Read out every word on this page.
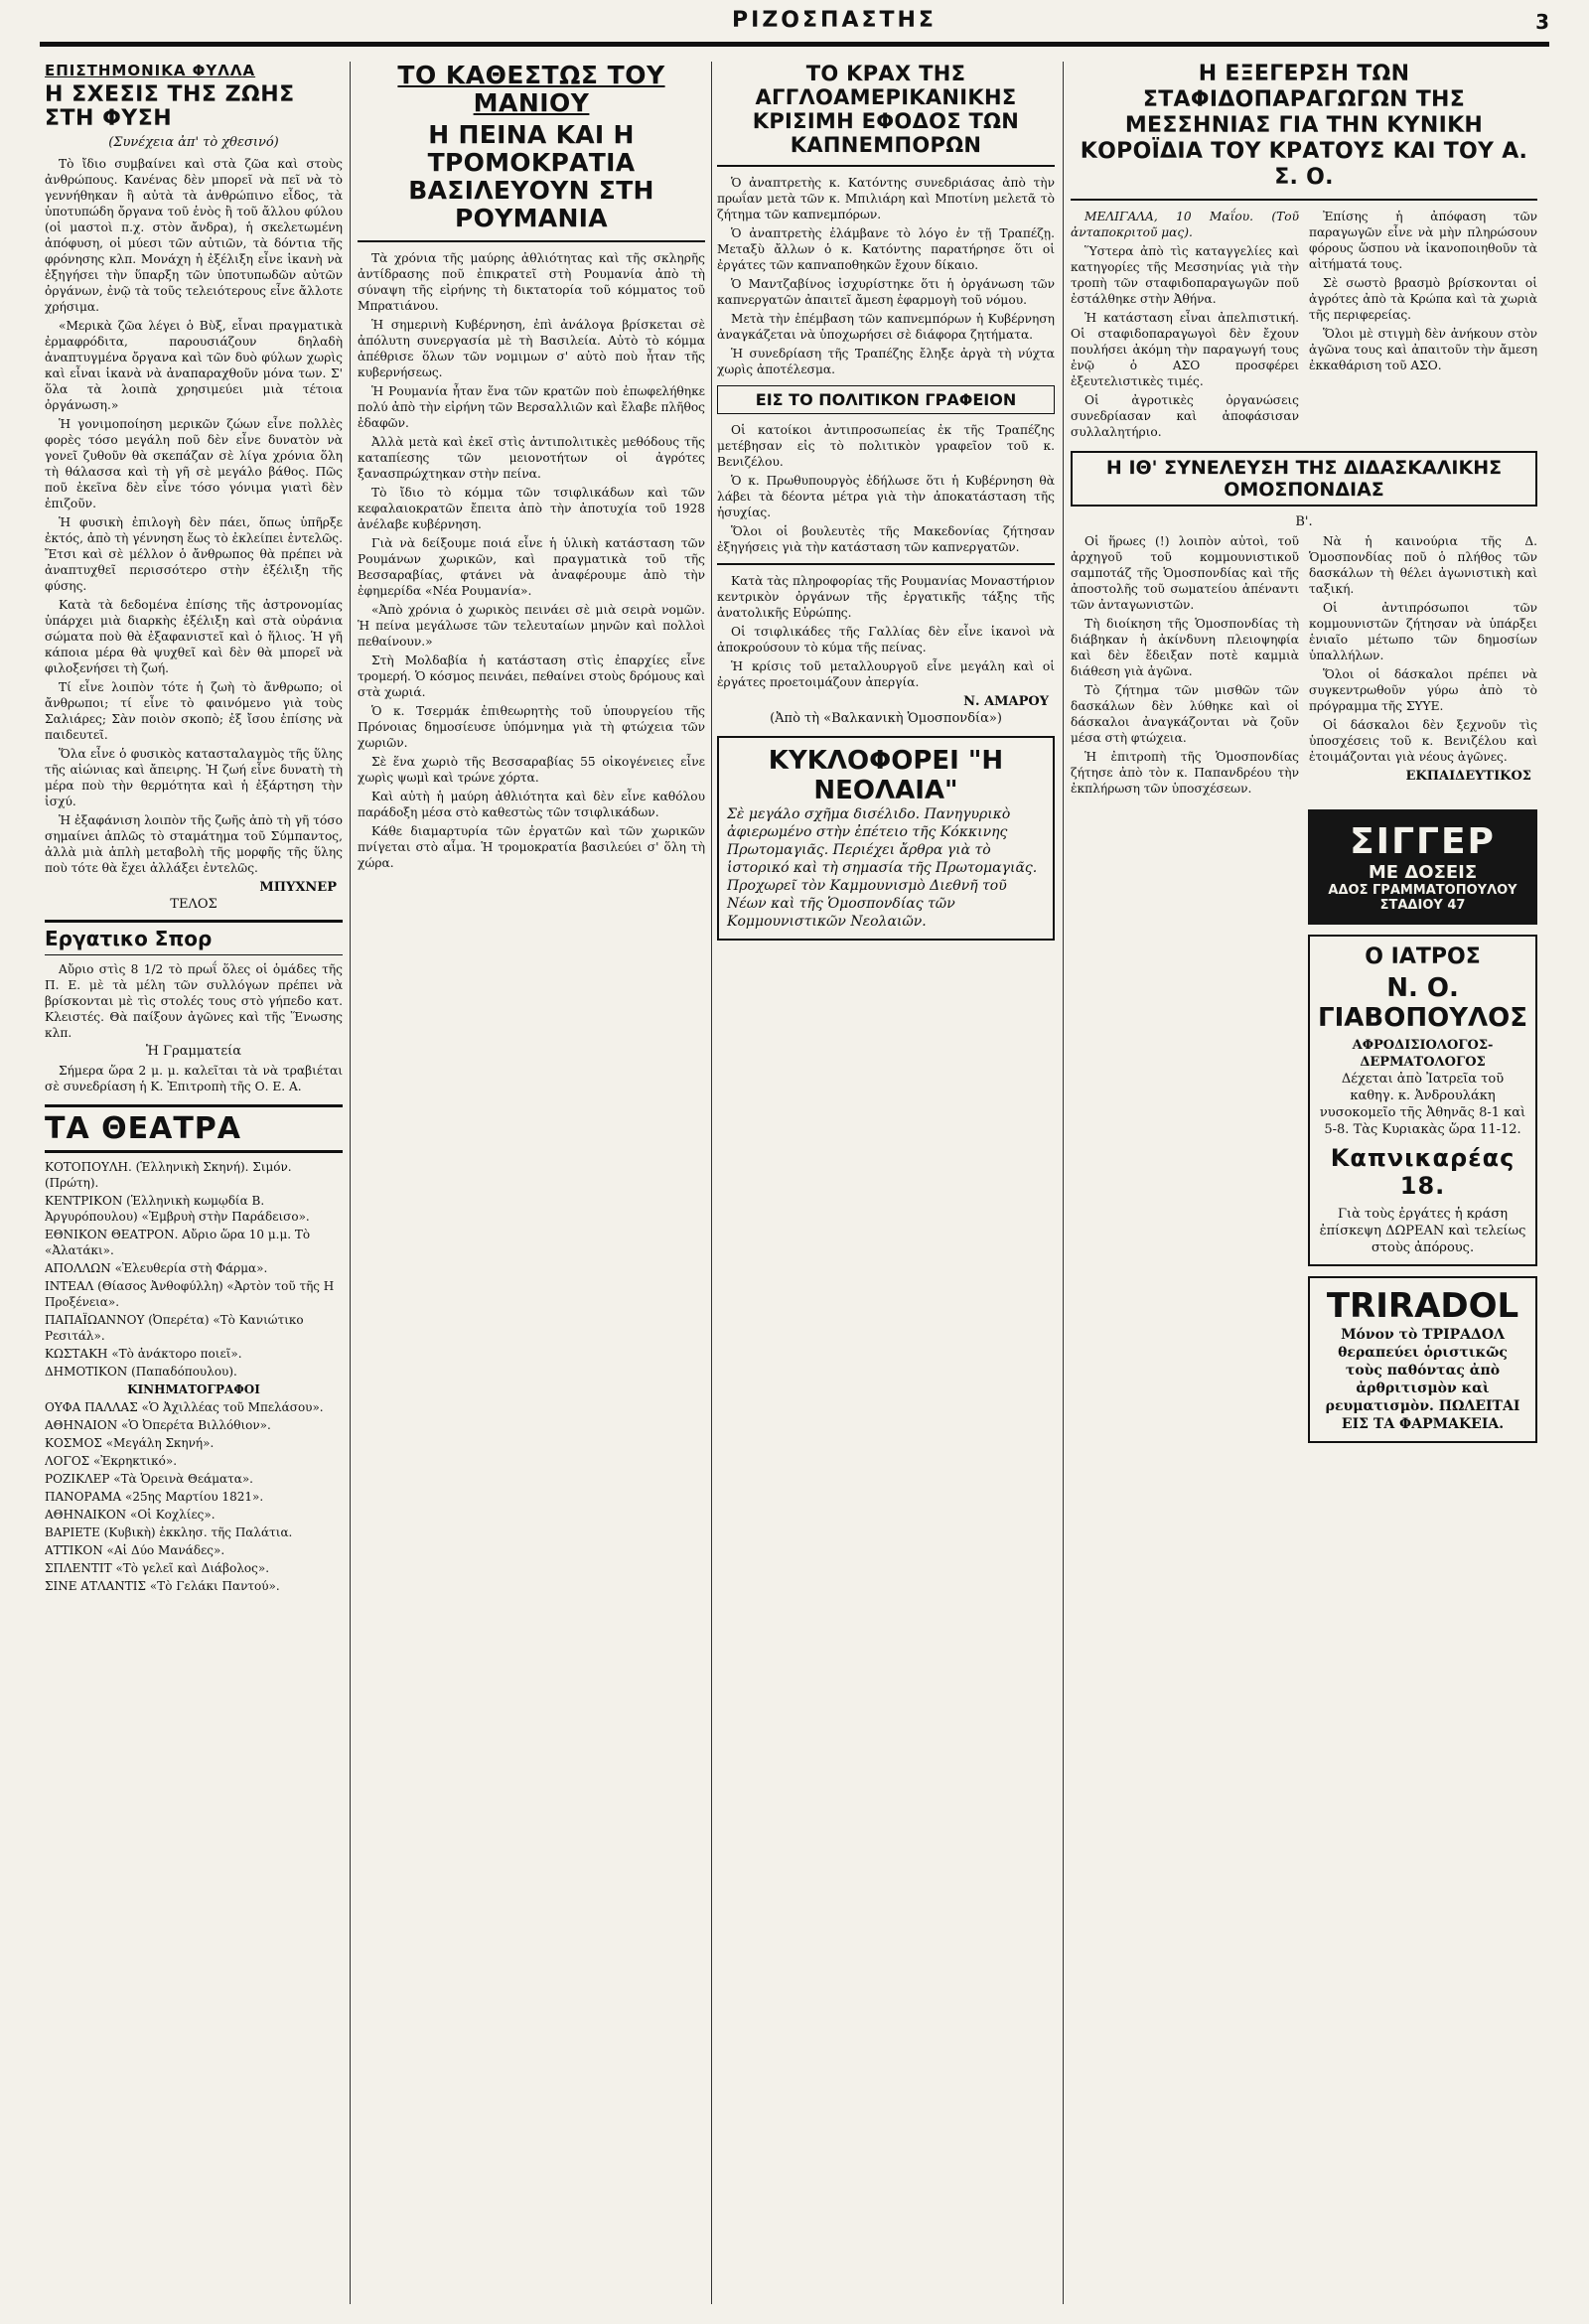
ΡΙΖΟΣΠΑΣΤΗΣ	3
ΕΠΙΣΤΗΜΟΝΙΚΑ ΦΥΛΛΑ
Η ΣΧΕΣΙΣ ΤΗΣ ΖΩΗΣ ΣΤΗ ΦΥΣΗ
(Συνέχεια ἀπ' τὸ χθεσινό)

Τὸ ἴδιο συμβαίνει καὶ στὰ ζῶα καὶ στοὺς ἀνθρώπους. Κανένας δὲν μπορεῖ νὰ πεῖ νὰ τὸ γεννήθηκαν ἢ αὐτὰ τὰ ἀνθρώπινο εἶδος, τὰ ὑποτυπώδη ὄργανα τοῦ ἑνὸς ἢ τοῦ ἄλλου φύλου (οἱ μαστοὶ π.χ. στὸν ἄνδρα), ἡ σκελετωμένη ἀπόφυση, οἱ μύεσι τῶν αὐτιῶν, τὰ δόντια τῆς φρόνησης κλπ. Μονάχη ἡ ἐξέλιξη εἶνε ἱκανὴ νὰ ἐξηγήσει τὴν ὕπαρξη τῶν ὑποτυπωδῶν αὐτῶν ὀργάνων, ἐνῷ τὰ τοῦς τελειότερους εἶνε ἄλλοτε χρήσιμα.

«Μερικὰ ζῶα λέγει ὁ Βὺξ, εἶναι πραγματικὰ ἐρμαφρόδιτα, παρουσιάζουν δηλαδὴ ἀναπτυγμένα ὄργανα καὶ τῶν δυὸ φύλων χωρὶς καὶ εἶναι ἱκανὰ νὰ ἀναπαραχθοῦν μόνα των. Σ' ὅλα τὰ λοιπὰ χρησιμεύει μιὰ τέτοια ὀργάνωση.»

Ἡ γονιμοποίηση μερικῶν ζώων εἶνε πολλὲς φορὲς τόσο μεγάλη ποῦ δὲν εἶνε δυνατὸν νὰ γονεῖ ζυθοῦν θὰ σκεπάζαν σὲ λίγα χρόνια ὅλη τὴ θάλασσα καὶ τὴ γῆ σὲ μεγάλο βάθος. Πῶς ποῦ ἐκεῖνα δὲν εἶνε τόσο γόνιμα γιατὶ δὲν ἐπιζοῦν.

Ἡ φυσικὴ ἐπιλογὴ δὲν πάει, ὅπως ὑπῆρξε ἐκτός, ἀπὸ τὴ γέννηση ἕως τὸ ἐκλείπει ἐντελῶς. Ἔτσι καὶ σὲ μέλλον ὁ ἄνθρωπος θὰ πρέπει νὰ ἀναπτυχθεῖ περισσότερο στὴν ἐξέλιξη τῆς φύσης.

Κατὰ τὰ δεδομένα ἐπίσης τῆς ἀστρονομίας ὑπάρχει μιὰ διαρκὴς ἐξέλιξη καὶ στὰ οὐράνια σώματα ποὺ θὰ ἐξαφανιστεῖ καὶ ὁ ἥλιος. Ἡ γῆ κάποια μέρα θὰ ψυχθεῖ καὶ δὲν θὰ μπορεῖ νὰ φιλοξενήσει τὴ ζωή.

Τί εἶνε λοιπὸν τότε ἡ ζωὴ τὸ ἄνθρωπο; οἱ ἄνθρωποι; τί εἶνε τὸ φαινόμενο γιὰ τοὺς Σαλιάρες; Σὰν ποιὸν σκοπὸ; ἐξ ἴσου ἐπίσης νὰ παιδευτεῖ.

Ὅλα εἶνε ὁ φυσικὸς κατασταλαγμὸς τῆς ὕλης τῆς αἰώνιας καὶ ἄπειρης. Ἡ ζωή εἶνε δυνατὴ τὴ μέρα ποὺ τὴν θερμότητα καὶ ἡ ἐξάρτηση τὴν ἰσχύ.

Ἡ ἐξαφάνιση λοιπὸν τῆς ζωῆς ἀπὸ τὴ γῆ τόσο σημαίνει ἁπλῶς τὸ σταμάτημα τοῦ Σύμπαντος, ἀλλὰ μιὰ ἁπλὴ μεταβολὴ τῆς μορφῆς τῆς ὕλης ποὺ τότε θὰ ἔχει ἀλλάξει ἐντελῶς.

ΜΠΥΧΝΕΡ
ΤΕΛΟΣ
Εργατικο Σπορ

Αὔριο στὶς 8 1/2 τὸ πρωΐ ὅλες οἱ ὁμάδες τῆς Π. Ε. μὲ τὰ μέλη τῶν συλλόγων πρέπει νὰ βρίσκονται μὲ τὶς στολές τους στὸ γήπεδο κατ. Κλειστές. Θὰ παίξουν ἀγῶνες καὶ τῆς Ἕνωσης κλπ.

Ἡ Γραμματεία

Σήμερα ὥρα 2 μ. μ. καλεῖται τὰ νὰ τραβιέται σὲ συνεδρίαση ἡ Κ. Ἐπιτροπὴ τῆς Ο. Ε. Α.

ΤΑ ΘΕΑΤΡΑ
ΚΟΤΟΠΟΥΛΗ. (Ἑλληνικὴ Σκηνή). Σιμόν. (Πρώτη).
ΚΕΝΤΡΙΚΟΝ (Ἑλληνικὴ κωμῳδία Β. Ἀργυρόπουλου) «Ἐμβρυὴ στὴν Παράδεισο».
ΕΘΝΙΚΟΝ ΘΕΑΤΡΟΝ. Αὔριο ὥρα 10 μ.μ. Τὸ «Ἀλατάκι».
ΑΠΟΛΛΩΝ «Ἐλευθερία στὴ Φάρμα».
ΙΝΤΕΑΛ (Θίασος Ἀνθοφύλλη) «Ἀρτὸν τοῦ τῆς Η Προξένεια».
ΠΑΠΑΪΩΑΝΝΟΥ (Ὀπερέτα) «Τὸ Κανιώτικο Ρεσιτάλ».
ΚΩΣΤΑΚΗ «Τὸ ἀνάκτορο ποιεῖ».
ΔΗΜΟΤΙΚΟΝ (Παπαδόπουλου).
ΚΙΝΗΜΑΤΟΓΡΑΦΟΙ
ΟΥΦΑ ΠΑΛΛΑΣ «Ὁ Ἀχιλλέας τοῦ Μπελάσου».
ΑΘΗΝΑΙΟΝ «Ὁ Ὀπερέτα Βιλλόθιον».
ΚΟΣΜΟΣ «Μεγάλη Σκηνή».
ΛΟΓΟΣ «Ἐκρηκτικό».
ΡΟΖΙΚΛΕΡ «Τὰ Ὁρεινὰ Θεάματα».
ΠΑΝΟΡΑΜΑ «25ης Μαρτίου 1821».
ΑΘΗΝΑΙΚΟΝ «Οἱ Κοχλίες».
ΒΑΡΙΕΤΕ (Κυβικὴ) ἐκκλησ. τῆς Παλάτια.
ΑΤΤΙΚΟΝ «Αἱ Δύο Μανάδες».
ΣΠΛΕΝΤΙΤ «Τὸ γελεῖ καὶ Διάβολος».
ΣΙΝΕ ΑΤΛΑΝΤΙΣ «Τὸ Γελάκι Παντού».
ΤΟ ΚΑΘΕΣΤΩΣ ΤΟΥ ΜΑΝΙΟΥ
Η ΠΕΙΝΑ ΚΑΙ Η ΤΡΟΜΟΚΡΑΤΙΑ ΒΑΣΙΛΕΥΟΥΝ ΣΤΗ ΡΟΥΜΑΝΙΑ

Τὰ χρόνια τῆς μαύρης ἀθλιότητας καὶ τῆς σκληρῆς ἀντίδρασης ποῦ ἐπικρατεῖ στὴ Ρουμανία ἀπὸ τὴ σύναψη τῆς εἰρήνης τὴ δικτατορία τοῦ κόμματος τοῦ Μπρατιάνου.

Ἡ σημερινὴ Κυβέρνηση, ἐπὶ ἀνάλογα βρίσκεται σὲ ἀπόλυτη συνεργασία μὲ τὴ Βασιλεία. Αὐτὸ τὸ κόμμα ἀπέθρισε ὅλων τῶν νομιμων σ' αὐτὸ ποὺ ἦταν τῆς κυβερνήσεως.

Ἡ Ρουμανία ἦταν ἕνα τῶν κρατῶν ποὺ ἐπωφελήθηκε πολύ ἀπὸ τὴν εἰρήνη τῶν Βερσαλλιῶν καὶ ἔλαβε πλῆθος ἐδαφῶν.

Ἀλλὰ μετὰ καὶ ἐκεῖ στὶς ἀντιπολιτικὲς μεθόδους τῆς καταπίεσης τῶν μειονοτήτων οἱ ἀγρότες ξανασπρώχτηκαν στὴν πείνα.

Τὸ ἴδιο τὸ κόμμα τῶν τσιφλικάδων καὶ τῶν κεφαλαιοκρατῶν ἔπειτα ἀπὸ τὴν ἀποτυχία τοῦ 1928 ἀνέλαβε κυβέρνηση.

Γιὰ νὰ δείξουμε ποιά εἶνε ἡ ὑλικὴ κατάσταση τῶν Ρουμάνων χωρικῶν, καὶ πραγματικὰ τοῦ τῆς Βεσσαραβίας, φτάνει νὰ ἀναφέρουμε ἀπὸ τὴν ἐφημερίδα «Νέα Ρουμανία».

«Ἀπὸ χρόνια ὁ χωρικὸς πεινάει σὲ μιὰ σειρὰ νομῶν. Ἡ πείνα μεγάλωσε τῶν τελευταίων μηνῶν καὶ πολλοὶ πεθαίνουν.»

Στὴ Μολδαβία ἡ κατάσταση στὶς ἐπαρχίες εἶνε τρομερή. Ὁ κόσμος πεινάει, πεθαίνει στοὺς δρόμους καὶ στὰ χωριά.

Ὁ κ. Τσερμάκ ἐπιθεωρητὴς τοῦ ὑπουργείου τῆς Πρόνοιας δημοσίευσε ὑπόμνημα γιὰ τὴ φτώχεια τῶν χωριῶν.

Σὲ ἕνα χωριὸ τῆς Βεσσαραβίας 55 οἰκογένειες εἶνε χωρὶς ψωμὶ καὶ τρώνε χόρτα.

Καὶ αὐτὴ ἡ μαύρη ἀθλιότητα καὶ δὲν εἶνε καθόλου παράδοξη μέσα στὸ καθεστὼς τῶν τσιφλικάδων.

Κάθε διαμαρτυρία τῶν ἐργατῶν καὶ τῶν χωρικῶν πνίγεται στὸ αἷμα. Ἡ τρομοκρατία βασιλεύει σ' ὅλη τὴ χώρα.

ΤΟ ΚΡΑΧ ΤΗΣ ΑΓΓΛΟΑΜΕΡΙΚΑΝΙΚΗΣ ΚΡΙΣΙΜΗ ΕΦΟΔΟΣ ΤΩΝ ΚΑΠΝΕΜΠΟΡΩΝ

Ὁ ἀναπτρετὴς κ. Κατόντης συνεδριάσας ἀπὸ τὴν πρωΐαν μετὰ τῶν κ. Μπιλιάρη καὶ Μποτίνη μελετᾶ τὸ ζήτημα τῶν καπνεμπόρων.

Ὁ ἀναπτρετὴς ἐλάμβανε τὸ λόγο ἐν τῇ Τραπέζῃ. Μεταξὺ ἄλλων ὁ κ. Κατόντης παρατήρησε ὅτι οἱ ἐργάτες τῶν καπναποθηκῶν ἔχουν δίκαιο.

Ὁ Μαντζαβίνος ἰσχυρίστηκε ὅτι ἡ ὀργάνωση τῶν καπνεργατῶν ἀπαιτεῖ ἄμεση ἐφαρμογὴ τοῦ νόμου.

Μετὰ τὴν ἐπέμβαση τῶν καπνεμπόρων ἡ Κυβέρνηση ἀναγκάζεται νὰ ὑποχωρήσει σὲ διάφορα ζητήματα.

Ἡ συνεδρίαση τῆς Τραπέζης ἔληξε ἀργὰ τὴ νύχτα χωρὶς ἀποτέλεσμα.

ΕΙΣ ΤΟ ΠΟΛΙΤΙΚΟΝ ΓΡΑΦΕΙΟΝ

Οἱ κατοίκοι ἀντιπροσωπείας ἐκ τῆς Τραπέζης μετέβησαν εἰς τὸ πολιτικὸν γραφεῖον τοῦ κ. Βενιζέλου.

Ὁ κ. Πρωθυπουργὸς ἐδήλωσε ὅτι ἡ Κυβέρνηση θὰ λάβει τὰ δέοντα μέτρα γιὰ τὴν ἀποκατάσταση τῆς ἡσυχίας.

Ὅλοι οἱ βουλευτὲς τῆς Μακεδονίας ζήτησαν ἐξηγήσεις γιὰ τὴν κατάσταση τῶν καπνεργατῶν.

Κατὰ τὰς πληροφορίας τῆς Ρουμανίας Μοναστήριον κεντρικὸν ὀργάνων τῆς ἐργατικῆς τάξης τῆς ἀνατολικῆς Εὐρώπης.

Οἱ τσιφλικάδες τῆς Γαλλίας δὲν εἶνε ἱκανοὶ νὰ ἀποκρούσουν τὸ κύμα τῆς πείνας.

Ἡ κρίσις τοῦ μεταλλουργοῦ εἶνε μεγάλη καὶ οἱ ἐργάτες προετοιμάζουν ἀπεργία.

Ν. ΑΜΑΡΟΥ
(Ἀπὸ τὴ «Βαλκανικὴ Ὁμοσπονδία»)
ΚΥΚΛΟΦΟΡΕΙ "Η ΝΕΟΛΑΙΑ"
Σὲ μεγάλο σχῆμα δισέλιδο. Πανηγυρικὸ ἀφιερωμένο στὴν ἐπέτειο τῆς Κόκκινης Πρωτομαγιᾶς. Περιέχει ἄρθρα γιὰ τὸ ἱστορικό καὶ τὴ σημασία τῆς Πρωτομαγιᾶς. Προχωρεῖ τὸν Καμμουνισμὸ Διεθνῆ τοῦ Νέων καὶ τῆς Ὁμοσπονδίας τῶν Κομμουνιστικῶν Νεολαιῶν.
Η ΕΞΕΓΕΡΣΗ ΤΩΝ ΣΤΑΦΙΔΟΠΑΡΑΓΩΓΩΝ ΤΗΣ ΜΕΣΣΗΝΙΑΣ ΓΙΑ ΤΗΝ ΚΥΝΙΚΗ ΚΟΡΟΪΔΙΑ ΤΟΥ ΚΡΑΤΟΥΣ ΚΑΙ ΤΟΥ Α. Σ. Ο.

ΜΕΛΙΓΑΛΑ, 10 Μαΐου. (Τοῦ ἀνταποκριτοῦ μας).

Ὕστερα ἀπὸ τὶς καταγγελίες καὶ κατηγορίες τῆς Μεσσηνίας γιὰ τὴν τροπὴ τῶν σταφιδοπαραγωγῶν ποῦ ἐστάλθηκε στὴν Ἀθήνα.

Ἡ κατάσταση εἶναι ἀπελπιστική. Οἱ σταφιδοπαραγωγοὶ δὲν ἔχουν πουλήσει ἀκόμη τὴν παραγωγή τους ἐνῷ ὁ ΑΣΟ προσφέρει ἐξευτελιστικὲς τιμές.

Οἱ ἀγροτικὲς ὀργανώσεις συνεδρίασαν καὶ ἀποφάσισαν συλλαλητήριο.

Ἐπίσης ἡ ἀπόφαση τῶν παραγωγῶν εἶνε νὰ μὴν πληρώσουν φόρους ὥσπου νὰ ἱκανοποιηθοῦν τὰ αἰτήματά τους.

Σὲ σωστὸ βρασμὸ βρίσκονται οἱ ἀγρότες ἀπὸ τὰ Κρώπα καὶ τὰ χωριὰ τῆς περιφερείας.

Ὅλοι μὲ στιγμὴ δὲν ἀνήκουν στὸν ἀγῶνα τους καὶ ἀπαιτοῦν τὴν ἄμεση ἐκκαθάριση τοῦ ΑΣΟ.

Η ΙΘ' ΣΥΝΕΛΕΥΣΗ ΤΗΣ ΔΙΔΑΣΚΑΛΙΚΗΣ ΟΜΟΣΠΟΝΔΙΑΣ
Β'.

Οἱ ἥρωες (!) λοιπὸν αὐτοὶ, τοῦ ἀρχηγοῦ τοῦ κομμουνιστικοῦ σαμποτάζ τῆς Ὁμοσπονδίας καὶ τῆς ἀποστολῆς τοῦ σωματείου ἀπέναντι τῶν ἀνταγωνιστῶν.

Τὴ διοίκηση τῆς Ὁμοσπονδίας τὴ διάβηκαν ἡ ἀκίνδυνη πλειοψηφία καὶ δὲν ἔδειξαν ποτὲ καμμιὰ διάθεση γιὰ ἀγῶνα.

Τὸ ζήτημα τῶν μισθῶν τῶν δασκάλων δὲν λύθηκε καὶ οἱ δάσκαλοι ἀναγκάζονται νὰ ζοῦν μέσα στὴ φτώχεια.

Ἡ ἐπιτροπὴ τῆς Ὁμοσπονδίας ζήτησε ἀπὸ τὸν κ. Παπανδρέου τὴν ἐκπλήρωση τῶν ὑποσχέσεων.

Νὰ ἡ καινούρια τῆς Δ. Ὁμοσπονδίας ποῦ ὁ πλήθος τῶν δασκάλων τὴ θέλει ἀγωνιστικὴ καὶ ταξική.

Οἱ ἀντιπρόσωποι τῶν κομμουνιστῶν ζήτησαν νὰ ὑπάρξει ἑνιαῖο μέτωπο τῶν δημοσίων ὑπαλλήλων.

Ὅλοι οἱ δάσκαλοι πρέπει νὰ συγκεντρωθοῦν γύρω ἀπὸ τὸ πρόγραμμα τῆς ΣΥΥΕ.

Οἱ δάσκαλοι δὲν ξεχνοῦν τὶς ὑποσχέσεις τοῦ κ. Βενιζέλου καὶ ἐτοιμάζονται γιὰ νέους ἀγῶνες.

ΕΚΠΑΙΔΕΥΤΙΚΟΣ
ΣΙΓΓΕΡ
ΜΕ ΔΟΣΕΙΣ
ΑΔΟΣ ΓΡΑΜΜΑΤΟΠΟΥΛΟΥ
ΣΤΑΔΙΟΥ 47
Ο ΙΑΤΡΟΣ
Ν. Ο. ΓΙΑΒΟΠΟΥΛΟΣ
ΑΦΡΟΔΙΣΙΟΛΟΓΟΣ-ΔΕΡΜΑΤΟΛΟΓΟΣ
Δέχεται ἀπὸ Ἰατρεῖα τοῦ καθηγ. κ. Ἀνδρουλάκη νυσοκομεῖο τῆς Ἀθηνᾶς 8-1 καὶ 5-8. Τὰς Κυριακὰς ὥρα 11-12.
Καπνικαρέας 18.
Γιὰ τοὺς ἐργάτες ἡ κράση ἐπίσκεψη ΔΩΡΕΑΝ καὶ τελείως στοὺς ἀπόρους.
TRIRADOL
Μόνον τὸ ΤΡΙΡΑΔΟΛ θεραπεύει ὁριστικῶς τοὺς παθόντας ἀπὸ ἀρθριτισμὸν καὶ ρευματισμὸν. ΠΩΛΕΙΤΑΙ ΕΙΣ ΤΑ ΦΑΡΜΑΚΕΙΑ.
